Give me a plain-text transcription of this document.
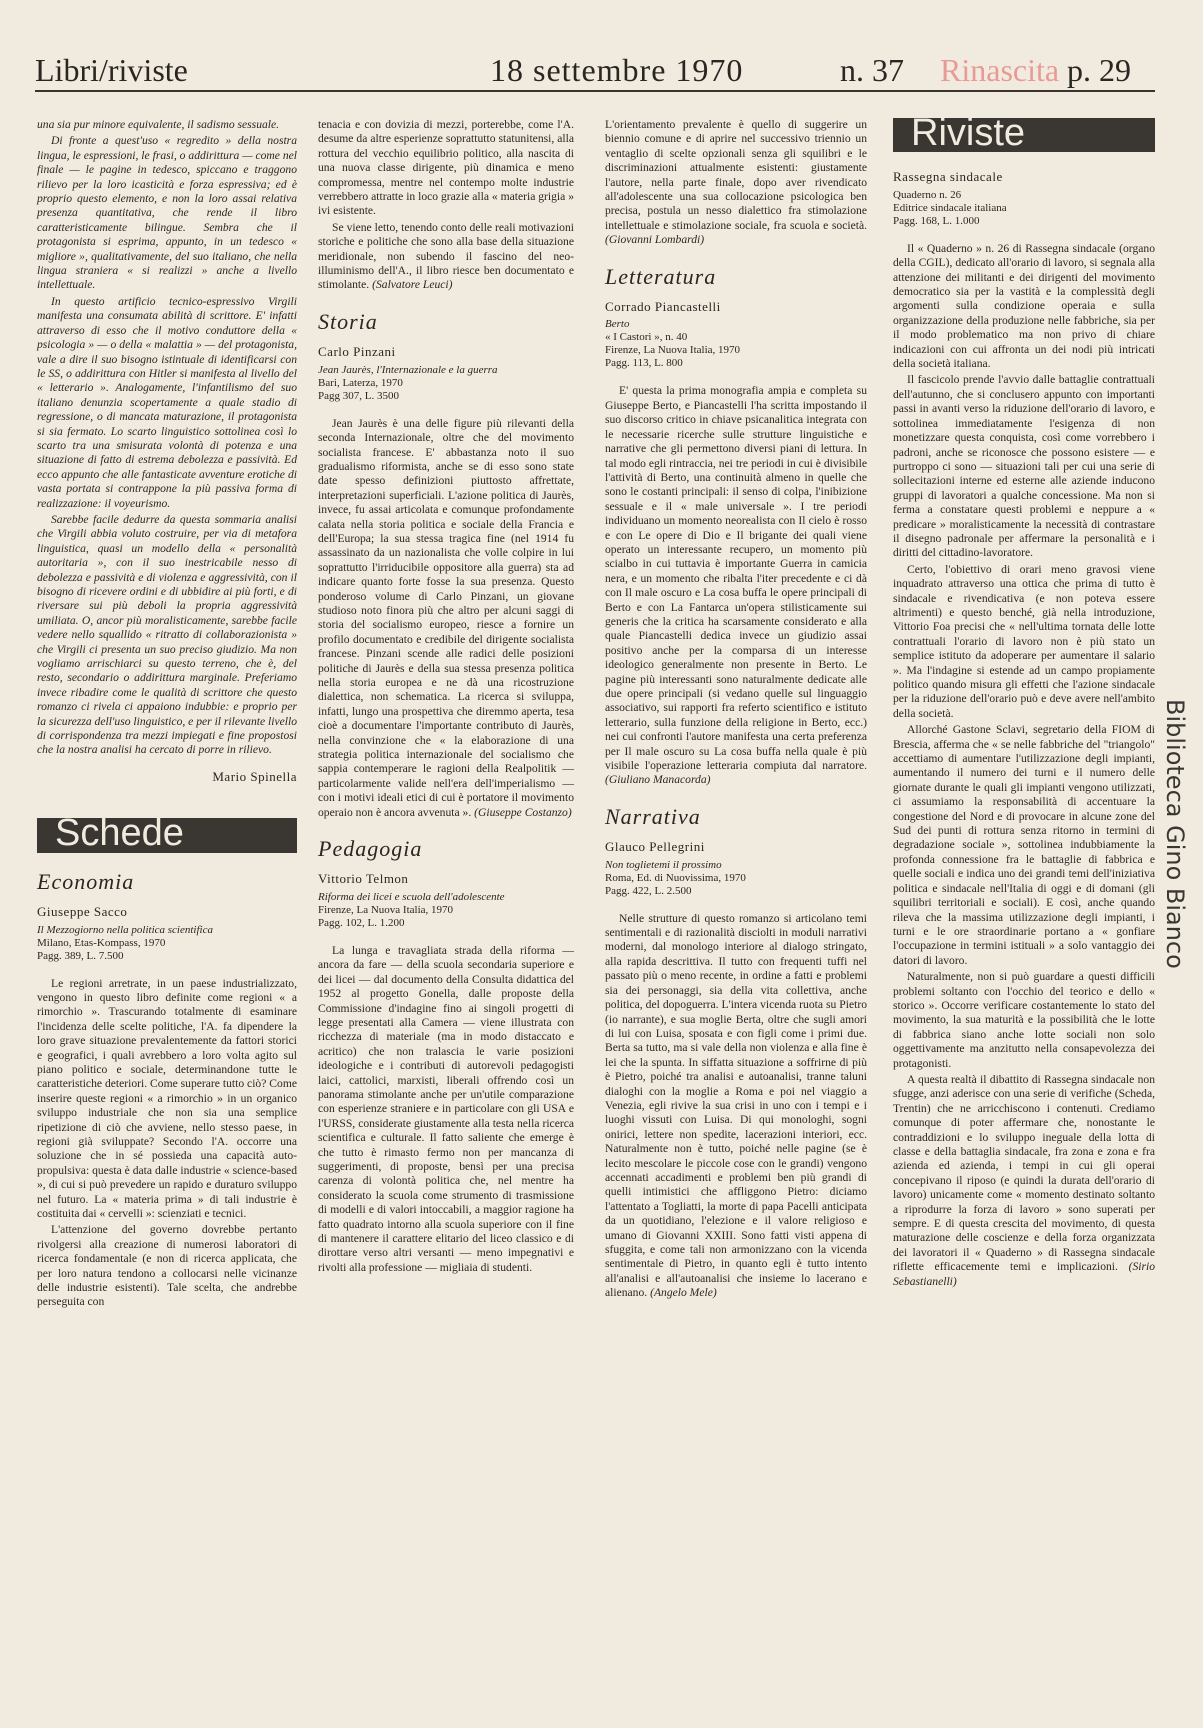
Libri/riviste	18 settembre 1970	n. 37 Rinascita p. 29

una sia pur minore equivalente, il sadismo sessuale.

Di fronte a quest'uso « regredito » della nostra lingua, le espressioni, le frasi, o addirittura — come nel finale — le pagine in tedesco, spiccano e traggono rilievo per la loro icasticità e forza espressiva; ed è proprio questo elemento, e non la loro assai relativa presenza quantitativa, che rende il libro caratteristicamente bilingue. Sembra che il protagonista si esprima, appunto, in un tedesco « migliore », qualitativamente, del suo italiano, che nella lingua straniera « si realizzi » anche a livello intellettuale.

In questo artificio tecnico-espressivo Virgili manifesta una consumata abilità di scrittore. E' infatti attraverso di esso che il motivo conduttore della « psicologia » — o della « malattia » — del protagonista, vale a dire il suo bisogno istintuale di identificarsi con le SS, o addirittura con Hitler si manifesta al livello del « letterario ». Analogamente, l'infantilismo del suo italiano denunzia scopertamente a quale stadio di regressione, o di mancata maturazione, il protagonista si sia fermato. Lo scarto linguistico sottolinea così lo scarto tra una smisurata volontà di potenza e una situazione di fatto di estrema debolezza e passività. Ed ecco appunto che alle fantasticate avventure erotiche di vasta portata si contrappone la più passiva forma di realizzazione: il voyeurismo.

Sarebbe facile dedurre da questa sommaria analisi che Virgili abbia voluto costruire, per via di metafora linguistica, quasi un modello della « personalità autoritaria », con il suo inestricabile nesso di debolezza e passività e di violenza e aggressività, con il bisogno di ricevere ordini e di ubbidire ai più forti, e di riversare sui più deboli la propria aggressività umiliata. O, ancor più moralisticamente, sarebbe facile vedere nello squallido « ritratto di collaborazionista » che Virgili ci presenta un suo preciso giudizio. Ma non vogliamo arrischiarci su questo terreno, che è, del resto, secondario o addirittura marginale. Preferiamo invece ribadire come le qualità di scrittore che questo romanzo ci rivela ci appaiono indubbie: e proprio per la sicurezza dell'uso linguistico, e per il rilevante livello di corrispondenza tra mezzi impiegati e fine propostosi che la nostra analisi ha cercato di porre in rilievo.

Mario Spinella
Schede
Economia
Giuseppe Sacco
Il Mezzogiorno nella politica scientifica
Milano, Etas-Kompass, 1970
Pagg. 389, L. 7.500

Le regioni arretrate, in un paese industrializzato, vengono in questo libro definite come regioni « a rimorchio ». Trascurando totalmente di esaminare l'incidenza delle scelte politiche, l'A. fa dipendere la loro grave situazione prevalentemente da fattori storici e geografici, i quali avrebbero a loro volta agito sul piano politico e sociale, determinandone tutte le caratteristiche deteriori. Come superare tutto ciò? Come inserire queste regioni « a rimorchio » in un organico sviluppo industriale che non sia una semplice ripetizione di ciò che avviene, nello stesso paese, in regioni già sviluppate? Secondo l'A. occorre una soluzione che in sé possieda una capacità auto-propulsiva: questa è data dalle industrie « science-based », di cui si può prevedere un rapido e duraturo sviluppo nel futuro. La « materia prima » di tali industrie è costituita dai « cervelli »: scienziati e tecnici.

L'attenzione del governo dovrebbe pertanto rivolgersi alla creazione di numerosi laboratori di ricerca fondamentale (e non di ricerca applicata, che per loro natura tendono a collocarsi nelle vicinanze delle industrie esistenti). Tale scelta, che andrebbe perseguita con

tenacia e con dovizia di mezzi, porterebbe, come l'A. desume da altre esperienze soprattutto statunitensi, alla rottura del vecchio equilibrio politico, alla nascita di una nuova classe dirigente, più dinamica e meno compromessa, mentre nel contempo molte industrie verrebbero attratte in loco grazie alla « materia grigia » ivi esistente.

Se viene letto, tenendo conto delle reali motivazioni storiche e politiche che sono alla base della situazione meridionale, non subendo il fascino del neo-illuminismo dell'A., il libro riesce ben documentato e stimolante. (Salvatore Leuci)

Storia
Carlo Pinzani
Jean Jaurès, l'Internazionale e la guerra
Bari, Laterza, 1970
Pagg 307, L. 3500

Jean Jaurès è una delle figure più rilevanti della seconda Internazionale, oltre che del movimento socialista francese. E' abbastanza noto il suo gradualismo riformista, anche se di esso sono state date spesso definizioni piuttosto affrettate, interpretazioni superficiali. L'azione politica di Jaurès, invece, fu assai articolata e comunque profondamente calata nella storia politica e sociale della Francia e dell'Europa; la sua stessa tragica fine (nel 1914 fu assassinato da un nazionalista che volle colpire in lui soprattutto l'irriducibile oppositore alla guerra) sta ad indicare quanto forte fosse la sua presenza. Questo ponderoso volume di Carlo Pinzani, un giovane studioso noto finora più che altro per alcuni saggi di storia del socialismo europeo, riesce a fornire un profilo documentato e credibile del dirigente socialista francese. Pinzani scende alle radici delle posizioni politiche di Jaurès e della sua stessa presenza politica nella storia europea e ne dà una ricostruzione dialettica, non schematica. La ricerca si sviluppa, infatti, lungo una prospettiva che diremmo aperta, tesa cioè a documentare l'importante contributo di Jaurès, nella convinzione che « la elaborazione di una strategia politica internazionale del socialismo che sappia contemperare le ragioni della Realpolitik — particolarmente valide nell'era dell'imperialismo — con i motivi ideali etici di cui è portatore il movimento operaio non è ancora avvenuta ». (Giuseppe Costanzo)

Pedagogia
Vittorio Telmon
Riforma dei licei e scuola dell'adolescente
Firenze, La Nuova Italia, 1970
Pagg. 102, L. 1.200

La lunga e travagliata strada della riforma — ancora da fare — della scuola secondaria superiore e dei licei — dal documento della Consulta didattica del 1952 al progetto Gonella, dalle proposte della Commissione d'indagine fino ai singoli progetti di legge presentati alla Camera — viene illustrata con ricchezza di materiale (ma in modo distaccato e acritico) che non tralascia le varie posizioni ideologiche e i contributi di autorevoli pedagogisti laici, cattolici, marxisti, liberali offrendo così un panorama stimolante anche per un'utile comparazione con esperienze straniere e in particolare con gli USA e l'URSS, considerate giustamente alla testa nella ricerca scientifica e culturale. Il fatto saliente che emerge è che tutto è rimasto fermo non per mancanza di suggerimenti, di proposte, bensì per una precisa carenza di volontà politica che, nel mentre ha considerato la scuola come strumento di trasmissione di modelli e di valori intoccabili, a maggior ragione ha fatto quadrato intorno alla scuola superiore con il fine di mantenere il carattere elitario del liceo classico e di dirottare verso altri versanti — meno impegnativi e rivolti alla professione — migliaia di studenti.

L'orientamento prevalente è quello di suggerire un biennio comune e di aprire nel successivo triennio un ventaglio di scelte opzionali senza gli squilibri e le discriminazioni attualmente esistenti: giustamente l'autore, nella parte finale, dopo aver rivendicato all'adolescente una sua collocazione psicologica ben precisa, postula un nesso dialettico fra stimolazione intellettuale e stimolazione sociale, fra scuola e società. (Giovanni Lombardi)

Letteratura
Corrado Piancastelli
Berto
« I Castori », n. 40
Firenze, La Nuova Italia, 1970
Pagg. 113, L. 800

E' questa la prima monografia ampia e completa su Giuseppe Berto, e Piancastelli l'ha scritta impostando il suo discorso critico in chiave psicanalitica integrata con le necessarie ricerche sulle strutture linguistiche e narrative che gli permettono diversi piani di lettura. In tal modo egli rintraccia, nei tre periodi in cui è divisibile l'attività di Berto, una continuità almeno in quelle che sono le costanti principali: il senso di colpa, l'inibizione sessuale e il « male universale ». I tre periodi individuano un momento neorealista con Il cielo è rosso e con Le opere di Dio e Il brigante dei quali viene operato un interessante recupero, un momento più scialbo in cui tuttavia è importante Guerra in camicia nera, e un momento che ribalta l'iter precedente e ci dà con Il male oscuro e La cosa buffa le opere principali di Berto e con La Fantarca un'opera stilisticamente sui generis che la critica ha scarsamente considerato e alla quale Piancastelli dedica invece un giudizio assai positivo anche per la comparsa di un interesse ideologico generalmente non presente in Berto. Le pagine più interessanti sono naturalmente dedicate alle due opere principali (si vedano quelle sul linguaggio associativo, sui rapporti fra referto scientifico e istituto letterario, sulla funzione della religione in Berto, ecc.) nei cui confronti l'autore manifesta una certa preferenza per Il male oscuro su La cosa buffa nella quale è più visibile l'operazione letteraria compiuta dal narratore. (Giuliano Manacorda)

Narrativa
Glauco Pellegrini
Non toglietemi il prossimo
Roma, Ed. di Nuovissima, 1970
Pagg. 422, L. 2.500

Nelle strutture di questo romanzo si articolano temi sentimentali e di razionalità disciolti in moduli narrativi moderni, dal monologo interiore al dialogo stringato, alla rapida descrittiva. Il tutto con frequenti tuffi nel passato più o meno recente, in ordine a fatti e problemi sia dei personaggi, sia della vita collettiva, anche politica, del dopoguerra. L'intera vicenda ruota su Pietro (io narrante), e sua moglie Berta, oltre che sugli amori di lui con Luisa, sposata e con figli come i primi due. Berta sa tutto, ma si vale della non violenza e alla fine è lei che la spunta. In siffatta situazione a soffrirne di più è Pietro, poiché tra analisi e autoanalisi, tranne taluni dialoghi con la moglie a Roma e poi nel viaggio a Venezia, egli rivive la sua crisi in uno con i tempi e i luoghi vissuti con Luisa. Di qui monologhi, sogni onirici, lettere non spedite, lacerazioni interiori, ecc. Naturalmente non è tutto, poiché nelle pagine (se è lecito mescolare le piccole cose con le grandi) vengono accennati accadimenti e problemi ben più grandi di quelli intimistici che affliggono Pietro: diciamo l'attentato a Togliatti, la morte di papa Pacelli anticipata da un quotidiano, l'elezione e il valore religioso e umano di Giovanni XXIII. Sono fatti visti appena di sfuggita, e come tali non armonizzano con la vicenda sentimentale di Pietro, in quanto egli è tutto intento all'analisi e all'autoanalisi che insieme lo lacerano e alienano. (Angelo Mele)

Riviste
Rassegna sindacale
Quaderno n. 26
Editrice sindacale italiana
Pagg. 168, L. 1.000

Il « Quaderno » n. 26 di Rassegna sindacale (organo della CGIL), dedicato all'orario di lavoro, si segnala alla attenzione dei militanti e dei dirigenti del movimento democratico sia per la vastità e la complessità degli argomenti sulla condizione operaia e sulla organizzazione della produzione nelle fabbriche, sia per il modo problematico ma non privo di chiare indicazioni con cui affronta un dei nodi più intricati della società italiana.

Il fascicolo prende l'avvio dalle battaglie contrattuali dell'autunno, che si conclusero appunto con importanti passi in avanti verso la riduzione dell'orario di lavoro, e sottolinea immediatamente l'esigenza di non monetizzare questa conquista, così come vorrebbero i padroni, anche se riconosce che possono esistere — e purtroppo ci sono — situazioni tali per cui una serie di sollecitazioni interne ed esterne alle aziende inducono gruppi di lavoratori a qualche concessione. Ma non si ferma a constatare questi problemi e neppure a « predicare » moralisticamente la necessità di contrastare il disegno padronale per affermare la personalità e i diritti del cittadino-lavoratore.

Certo, l'obiettivo di orari meno gravosi viene inquadrato attraverso una ottica che prima di tutto è sindacale e rivendicativa (e non poteva essere altrimenti) e questo benché, già nella introduzione, Vittorio Foa precisi che « nell'ultima tornata delle lotte contrattuali l'orario di lavoro non è più stato un semplice istituto da adoperare per aumentare il salario ». Ma l'indagine si estende ad un campo propiamente politico quando misura gli effetti che l'azione sindacale per la riduzione dell'orario può e deve avere nell'ambito della società.

Allorché Gastone Sclavi, segretario della FIOM di Brescia, afferma che « se nelle fabbriche del "triangolo" accettiamo di aumentare l'utilizzazione degli impianti, aumentando il numero dei turni e il numero delle giornate durante le quali gli impianti vengono utilizzati, ci assumiamo la responsabilità di accentuare la congestione del Nord e di provocare in alcune zone del Sud dei punti di rottura senza ritorno in termini di degradazione sociale », sottolinea indubbiamente la profonda connessione fra le battaglie di fabbrica e quelle sociali e indica uno dei grandi temi dell'iniziativa politica e sindacale nell'Italia di oggi e di domani (gli squilibri territoriali e sociali). E così, anche quando rileva che la massima utilizzazione degli impianti, i turni e le ore straordinarie portano a « gonfiare l'occupazione in termini istituali » a solo vantaggio dei datori di lavoro.

Naturalmente, non si può guardare a questi difficili problemi soltanto con l'occhio del teorico e dello « storico ». Occorre verificare costantemente lo stato del movimento, la sua maturità e la possibilità che le lotte di fabbrica siano anche lotte sociali non solo oggettivamente ma anzitutto nella consapevolezza dei protagonisti.

A questa realtà il dibattito di Rassegna sindacale non sfugge, anzi aderisce con una serie di verifiche (Scheda, Trentin) che ne arricchiscono i contenuti. Crediamo comunque di poter affermare che, nonostante le contraddizioni e lo sviluppo ineguale della lotta di classe e della battaglia sindacale, fra zona e zona e fra azienda ed azienda, i tempi in cui gli operai concepivano il riposo (e quindi la durata dell'orario di lavoro) unicamente come « momento destinato soltanto a riprodurre la forza di lavoro » sono superati per sempre. E di questa crescita del movimento, di questa maturazione delle coscienze e della forza organizzata dei lavoratori il « Quaderno » di Rassegna sindacale riflette efficacemente temi e implicazioni. (Sirio Sebastianelli)

Biblioteca Gino Bianco
